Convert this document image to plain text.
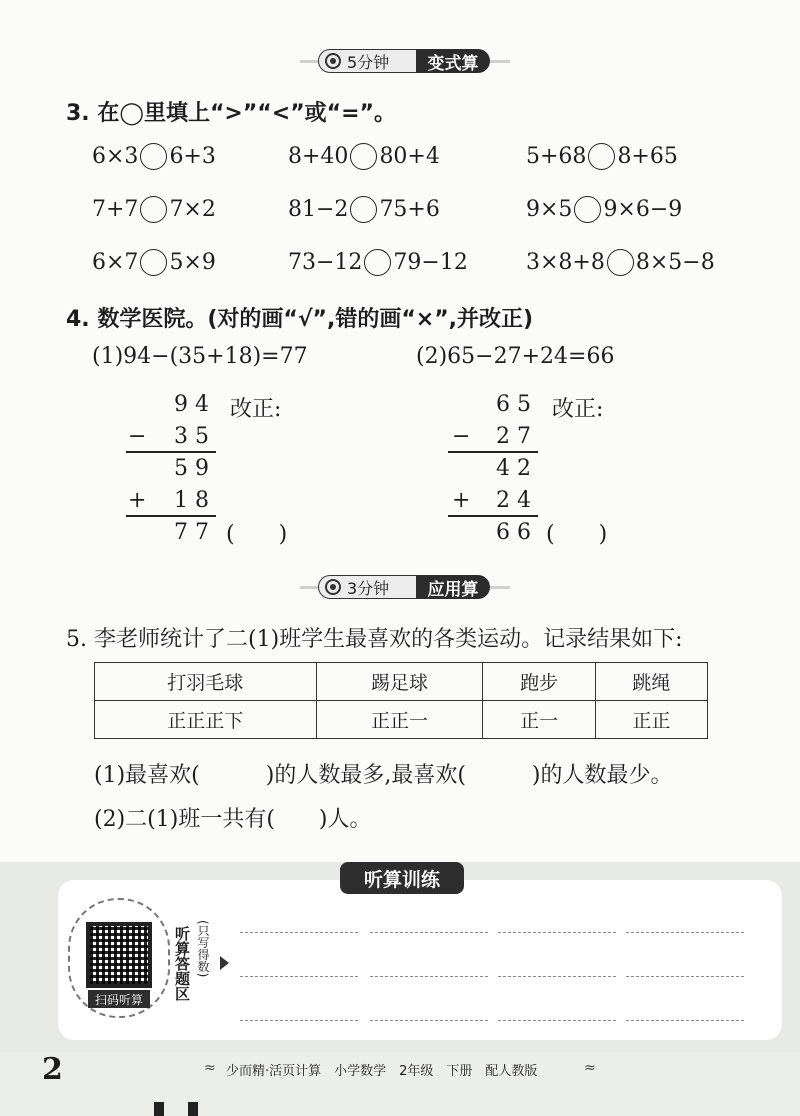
5分钟	变式算
3. 在◯里填上“>”“<”或“=”。
6×3 6+3	8+40 80+4	5+68 8+65
7+7 7×2	81−2 75+6	9×5 9×6−9
6×7 5×9	73−12 79−12	3×8+8 8×5−8
4. 数学医院。(对的画“√”,错的画“×”,并改正)
(1)94−(35+18)=77
9 4 改正:
− 3 5
5 9
+ 1 8
7 7 (　　)
(2)65−27+24=66
6 5 改正:
− 2 7
4 2
+ 2 4
6 6 (　　)
3分钟	应用算
5. 李老师统计了二(1)班学生最喜欢的各类运动。记录结果如下:
打羽毛球	踢足球	跑步	跳绳
正正正下	正正一	正一	正正
(1)最喜欢(　　　)的人数最多,最喜欢(　　　)的人数最少。
(2)二(1)班一共有(　　)人。
听算训练
扫码听算	听算答题区 (只写得数)
2	≈ 少而精·活页计算　小学数学　2年级　下册　配人教版	≈
